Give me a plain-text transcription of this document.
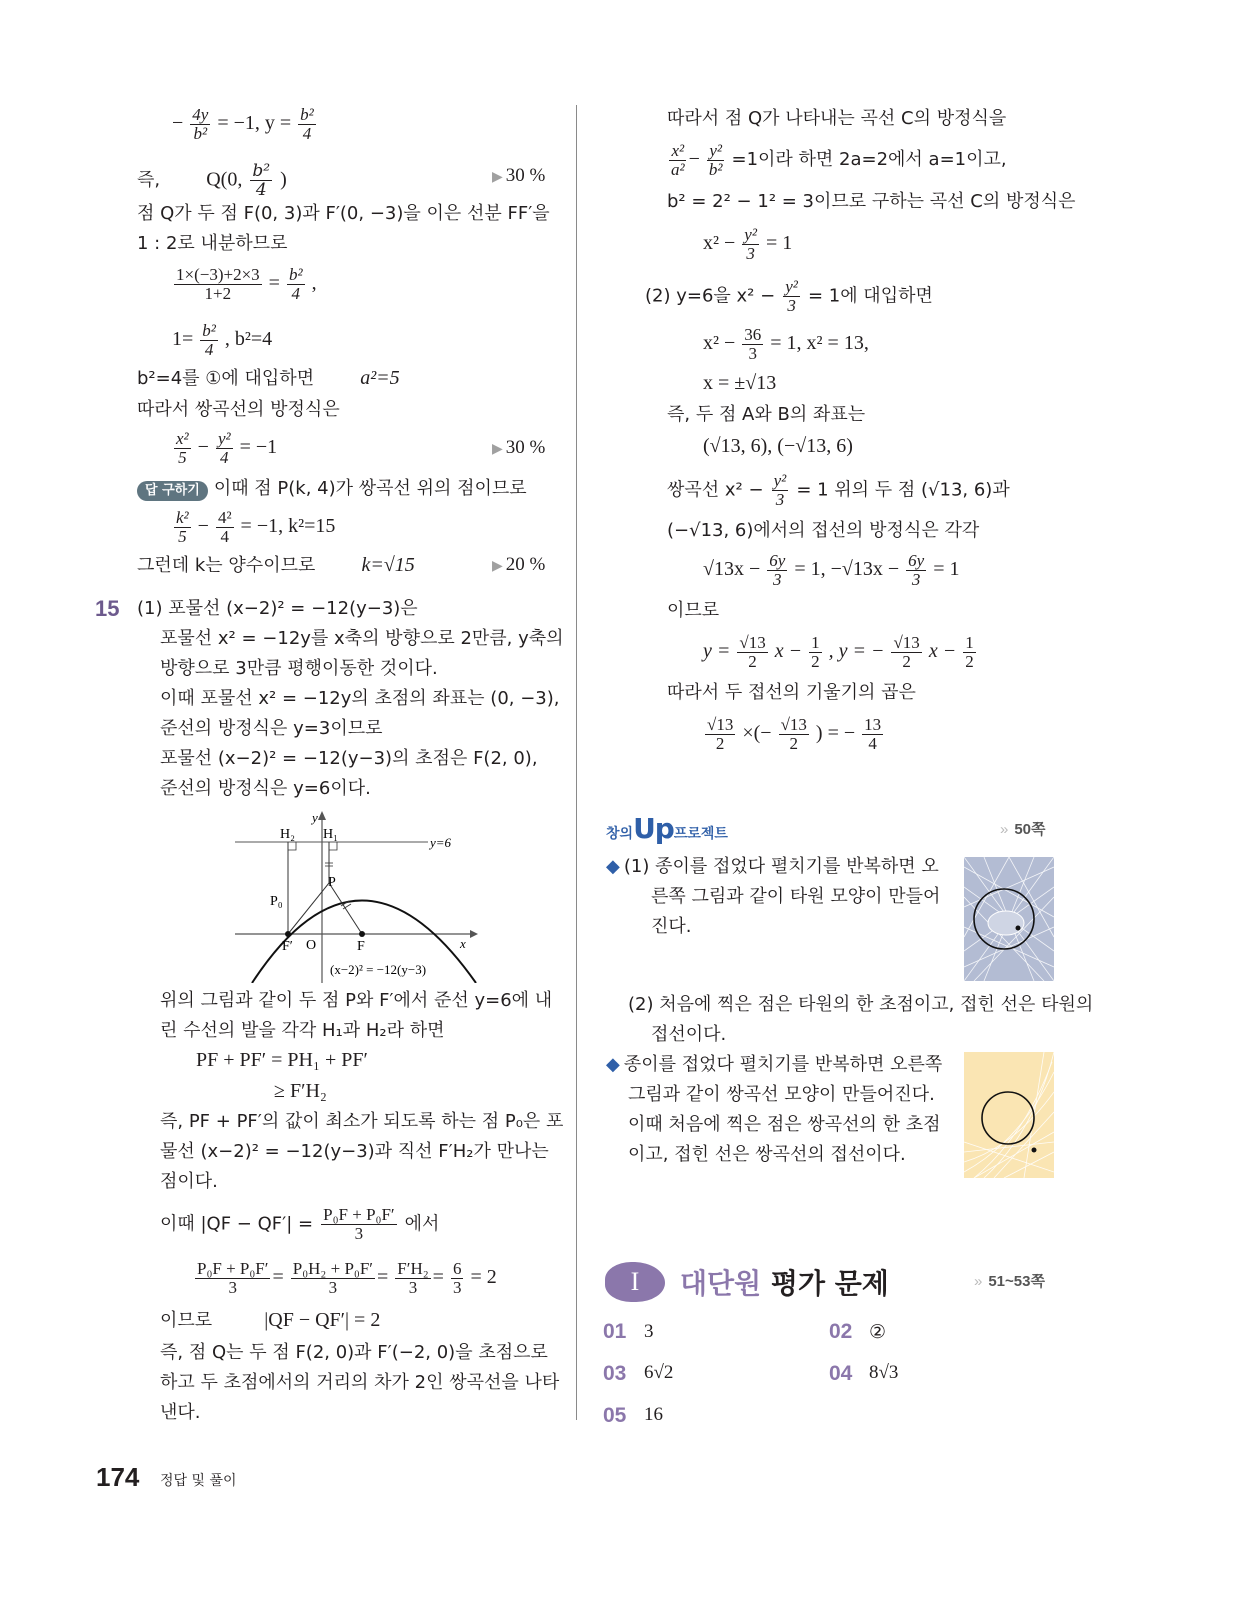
− $\frac{4y}{\text{b²}} = -1$, $y = \frac{\text{b²}}{4}$
즉, Q(0, $\frac{\text{b²}}{4}$ )	▶ 30 %
점 Q가 두 점 F(0, 3)과 F′(0, −3)을 이은 선분 FF′을
1 : 2로 내분하므로
$\frac{1\times(-3)+2\times 3}{1+2} = \frac{\text{b²}}{4}$ ,
$1= \frac{\text{b²}}{4}$ , b²=4
b²=4를 ①에 대입하면 a²=5
따라서 쌍곡선의 방정식은
$\frac{\text{x²}}{5} - \frac{\text{y²}}{4} = -1$	▶ 30 %
답 구하기 이때 점 P(k, 4)가 쌍곡선 위의 점이므로
$\frac{\text{k²}}{5} - \frac{\text{4²}}{4} = -1$, k²=15
그런데 k는 양수이므로 k=√15	▶ 20 %
15 (1) 포물선 (x−2)² = −12(y−3)은
포물선 x² = −12y를 x축의 방향으로 2만큼, y축의
방향으로 3만큼 평행이동한 것이다.
이때 포물선 x² = −12y의 초점의 좌표는 (0, −3),
준선의 방정식은 y=3이므로
포물선 (x−2)² = −12(y−3)의 초점은 F(2, 0),
준선의 방정식은 y=6이다.
y
x
O
H₂ H₁
P
P₀
F′	F
y=6
(x−2)² = −12(y−3)
위의 그림과 같이 두 점 P와 F′에서 준선 y=6에 내
린 수선의 발을 각각 H₁과 H₂라 하면
PF + PF′ = PH₁ + PF′
≥ F′H₂
즉, PF + PF′의 값이 최소가 되도록 하는 점 P₀은 포
물선 (x−2)² = −12(y−3)과 직선 F′H₂가 만나는
점이다.
이때 $|QF - QF'| = \frac{\text{P₀F + P₀F′}}{3}$ 에서
$\frac{\text{P₀F + P₀F′}}{3} = \frac{\text{P₀H₂ + P₀F′}}{3} = \frac{\text{F′H₂}}{3} = \frac{6}{3} = 2$
이므로	|QF − QF′| = 2
즉, 점 Q는 두 점 F(2, 0)과 F′(−2, 0)을 초점으로
하고 두 초점에서의 거리의 차가 2인 쌍곡선을 나타
낸다.
따라서 점 Q가 나타내는 곡선 C의 방정식을
$\frac{\text{x²}}{\text{a²}} - \frac{\text{y²}}{\text{b²}} =1$이라 하면 2a=2에서 a=1이고,
b² = 2² − 1² = 3이므로 구하는 곡선 C의 방정식은
$x^2 - \frac{\text{y²}}{3} = 1$
(2) y=6을 $x^2 - \frac{\text{y²}}{3} = 1$에 대입하면
$x^2 - \frac{36}{3} = 1$, x² = 13,
x = ±√13
즉, 두 점 A와 B의 좌표는
(√13, 6), (−√13, 6)
쌍곡선 $x^2 - \frac{\text{y²}}{3} = 1$ 위의 두 점 (√13, 6)과
(−√13, 6)에서의 접선의 방정식은 각각
$√13x - \frac{6y}{3} = 1$, $-√13x - \frac{6y}{3} = 1$
이므로
$y = \frac{√13}{2}$ $x - \frac{1}{2}$ , y = − $\frac{√13}{2}$ $x - \frac{1}{2}$
따라서 두 접선의 기울기의 곱은
$\frac{√13}{2}$ ×(− $\frac{√13}{2}$ ) = − $\frac{13}{4}$
창의Up프로젝트	» 50쪽
◆ (1) 종이를 접었다 펼치기를 반복하면 오
른쪽 그림과 같이 타원 모양이 만들어
진다.
(2) 처음에 찍은 점은 타원의 한 초점이고, 접힌 선은 타원의
접선이다.
◆ 종이를 접었다 펼치기를 반복하면 오른쪽
그림과 같이 쌍곡선 모양이 만들어진다.
이때 처음에 찍은 점은 쌍곡선의 한 초점
이고, 접힌 선은 쌍곡선의 접선이다.
I	대단원 평가 문제	» 51~53쪽
01 3	02 ②
03 6√2	04 8√3
05 16
174 정답 및 풀이
